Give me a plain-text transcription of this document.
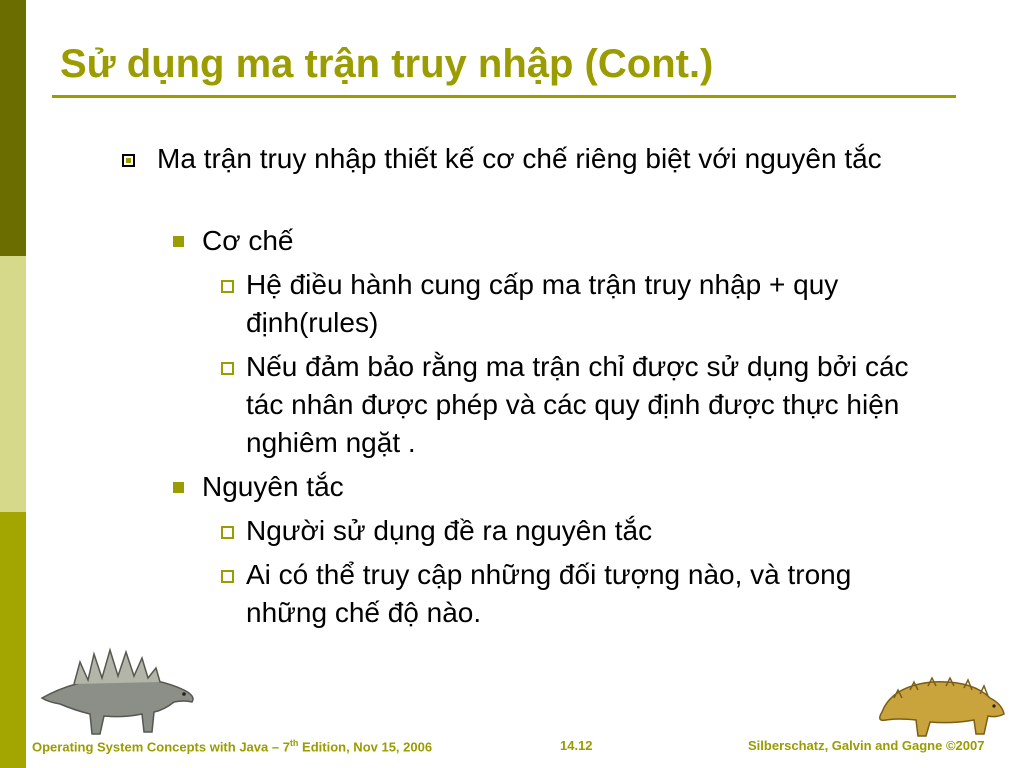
Sử dụng ma trận truy nhập (Cont.)
Ma trận truy nhập thiết kế cơ chế riêng biệt với nguyên tắc
Cơ chế
Hệ điều hành cung cấp ma trận truy nhập + quy định(rules)
Nếu đảm bảo rằng ma trận chỉ được sử dụng bởi các tác nhân được phép và các quy định được thực hiện nghiêm ngặt .
Nguyên tắc
Người sử dụng đề ra nguyên tắc
Ai có thể truy cập những đối tượng nào, và trong những chế độ nào.
Operating System Concepts with Java – 7th Edition, Nov 15, 2006	14.12	Silberschatz, Galvin and Gagne ©2007
